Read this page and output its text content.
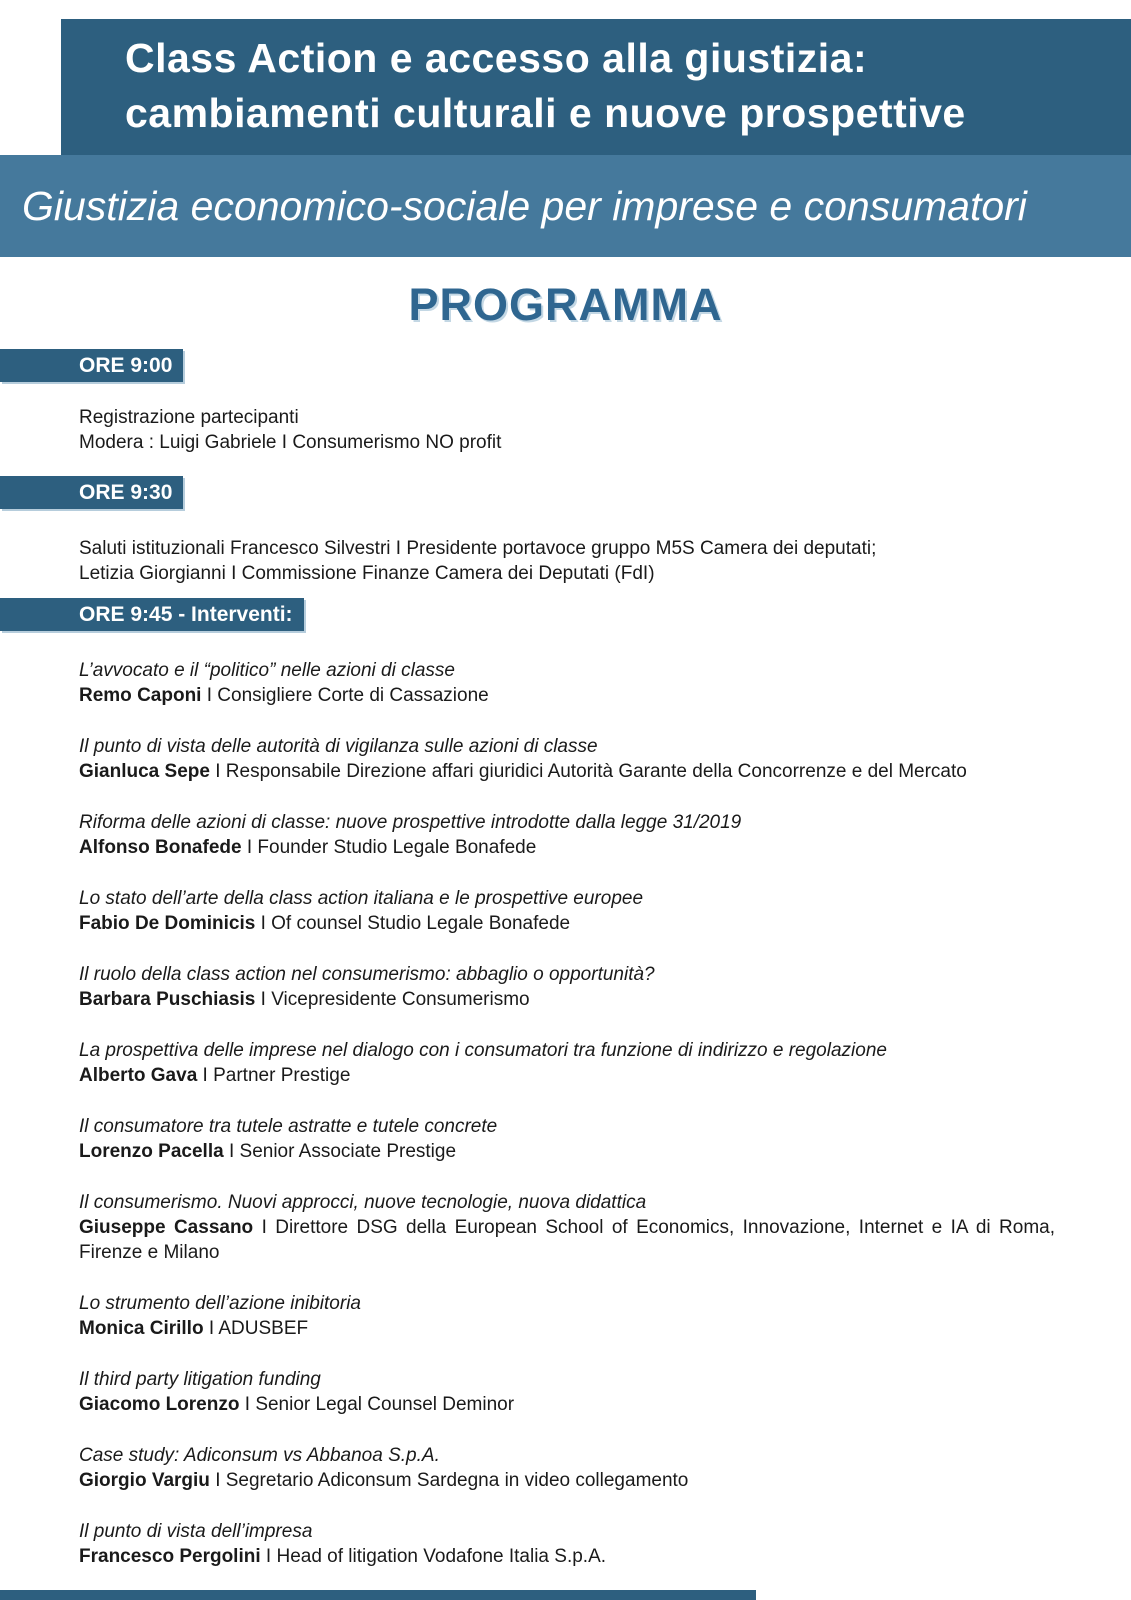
Class Action e accesso alla giustizia:
cambiamenti culturali e nuove prospettive
Giustizia economico-sociale per imprese e consumatori
PROGRAMMA
ORE 9:00
Registrazione partecipanti
Modera : Luigi Gabriele I Consumerismo NO profit
ORE 9:30
Saluti istituzionali Francesco Silvestri I Presidente portavoce gruppo M5S Camera dei deputati;
Letizia Giorgianni I Commissione Finanze Camera dei Deputati (FdI)
ORE 9:45 - Interventi:
L’avvocato e il “politico” nelle azioni di classe
Remo Caponi I Consigliere Corte di Cassazione
Il punto di vista delle autorità di vigilanza sulle azioni di classe
Gianluca Sepe I Responsabile Direzione affari giuridici Autorità Garante della Concorrenze e del Mercato
Riforma delle azioni di classe: nuove prospettive introdotte dalla legge 31/2019
Alfonso Bonafede I Founder Studio Legale Bonafede
Lo stato dell’arte della class action italiana e le prospettive europee
Fabio De Dominicis I Of counsel Studio Legale Bonafede
Il ruolo della class action nel consumerismo: abbaglio o opportunità?
Barbara Puschiasis I Vicepresidente Consumerismo
La prospettiva delle imprese nel dialogo con i consumatori tra funzione di indirizzo e regolazione
Alberto Gava I Partner Prestige
Il consumatore tra tutele astratte e tutele concrete
Lorenzo Pacella I Senior Associate Prestige
Il consumerismo. Nuovi approcci, nuove tecnologie, nuova didattica
Giuseppe Cassano I Direttore DSG della European School of Economics, Innovazione, Internet e IA di Roma, Firenze e Milano
Lo strumento dell’azione inibitoria
Monica Cirillo I ADUSBEF
Il third party litigation funding
Giacomo Lorenzo I Senior Legal Counsel Deminor
Case study: Adiconsum vs Abbanoa S.p.A.
Giorgio Vargiu I Segretario Adiconsum Sardegna in video collegamento
Il punto di vista dell’impresa
Francesco Pergolini I Head of litigation Vodafone Italia S.p.A.
